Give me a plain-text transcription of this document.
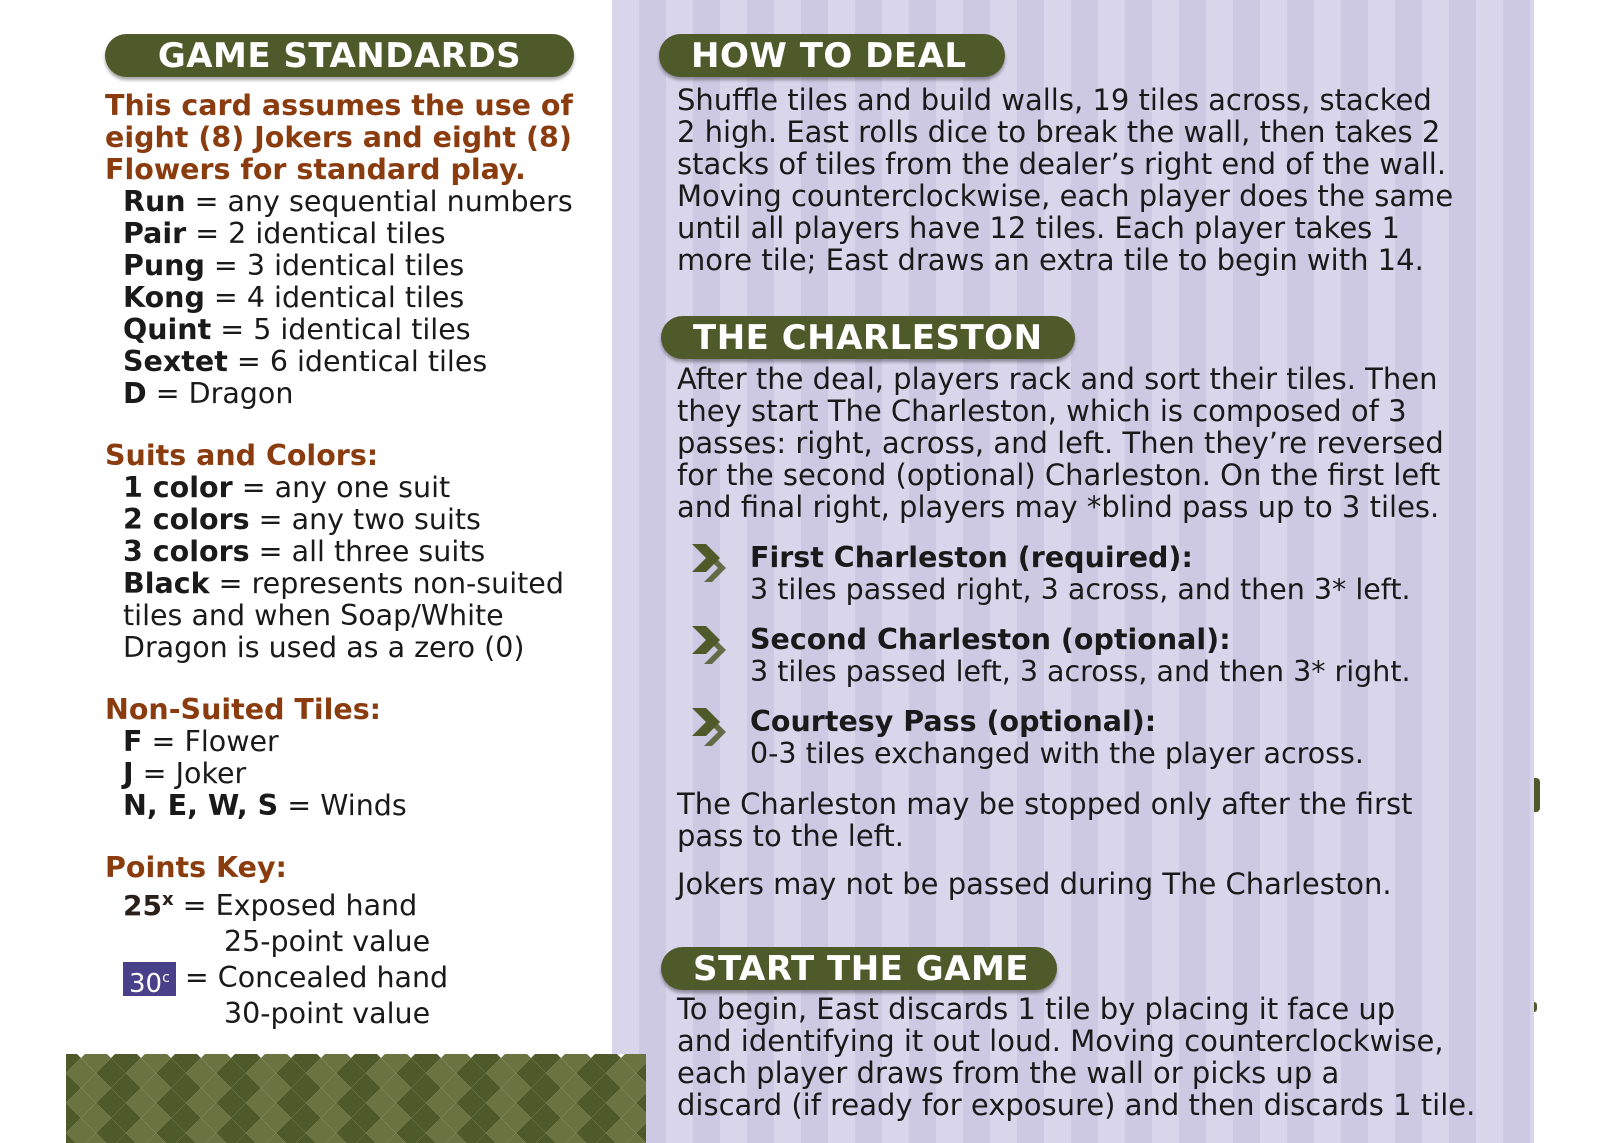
GAME STANDARDS
This card assumes the use of
eight (8) Jokers and eight (8)
Flowers for standard play.
Run = any sequential numbers
Pair = 2 identical tiles
Pung = 3 identical tiles
Kong = 4 identical tiles
Quint = 5 identical tiles
Sextet = 6 identical tiles
D = Dragon
Suits and Colors:
1 color = any one suit
2 colors = any two suits
3 colors = all three suits
Black = represents non-suited
tiles and when Soap/White
Dragon is used as a zero (0)
Non-Suited Tiles:
F = Flower
J = Joker
N, E, W, S = Winds
Points Key:
$25^x$ = Exposed hand
25-point value
$30^c$ = Concealed hand
30-point value
HOW TO DEAL
Shuffle tiles and build walls, 19 tiles across, stacked
2 high. East rolls dice to break the wall, then takes 2
stacks of tiles from the dealer’s right end of the wall.
Moving counterclockwise, each player does the same
until all players have 12 tiles. Each player takes 1
more tile; East draws an extra tile to begin with 14.
THE CHARLESTON
After the deal, players rack and sort their tiles. Then
they start The Charleston, which is composed of 3
passes: right, across, and left. Then they’re reversed
for the second (optional) Charleston. On the first left
and final right, players may *blind pass up to 3 tiles.
First Charleston (required):
3 tiles passed right, 3 across, and then 3* left.
Second Charleston (optional):
3 tiles passed left, 3 across, and then 3* right.
Courtesy Pass (optional):
0-3 tiles exchanged with the player across.
The Charleston may be stopped only after the first
pass to the left.
Jokers may not be passed during The Charleston.
START THE GAME
To begin, East discards 1 tile by placing it face up
and identifying it out loud. Moving counterclockwise,
each player draws from the wall or picks up a
discard (if ready for exposure) and then discards 1 tile.
